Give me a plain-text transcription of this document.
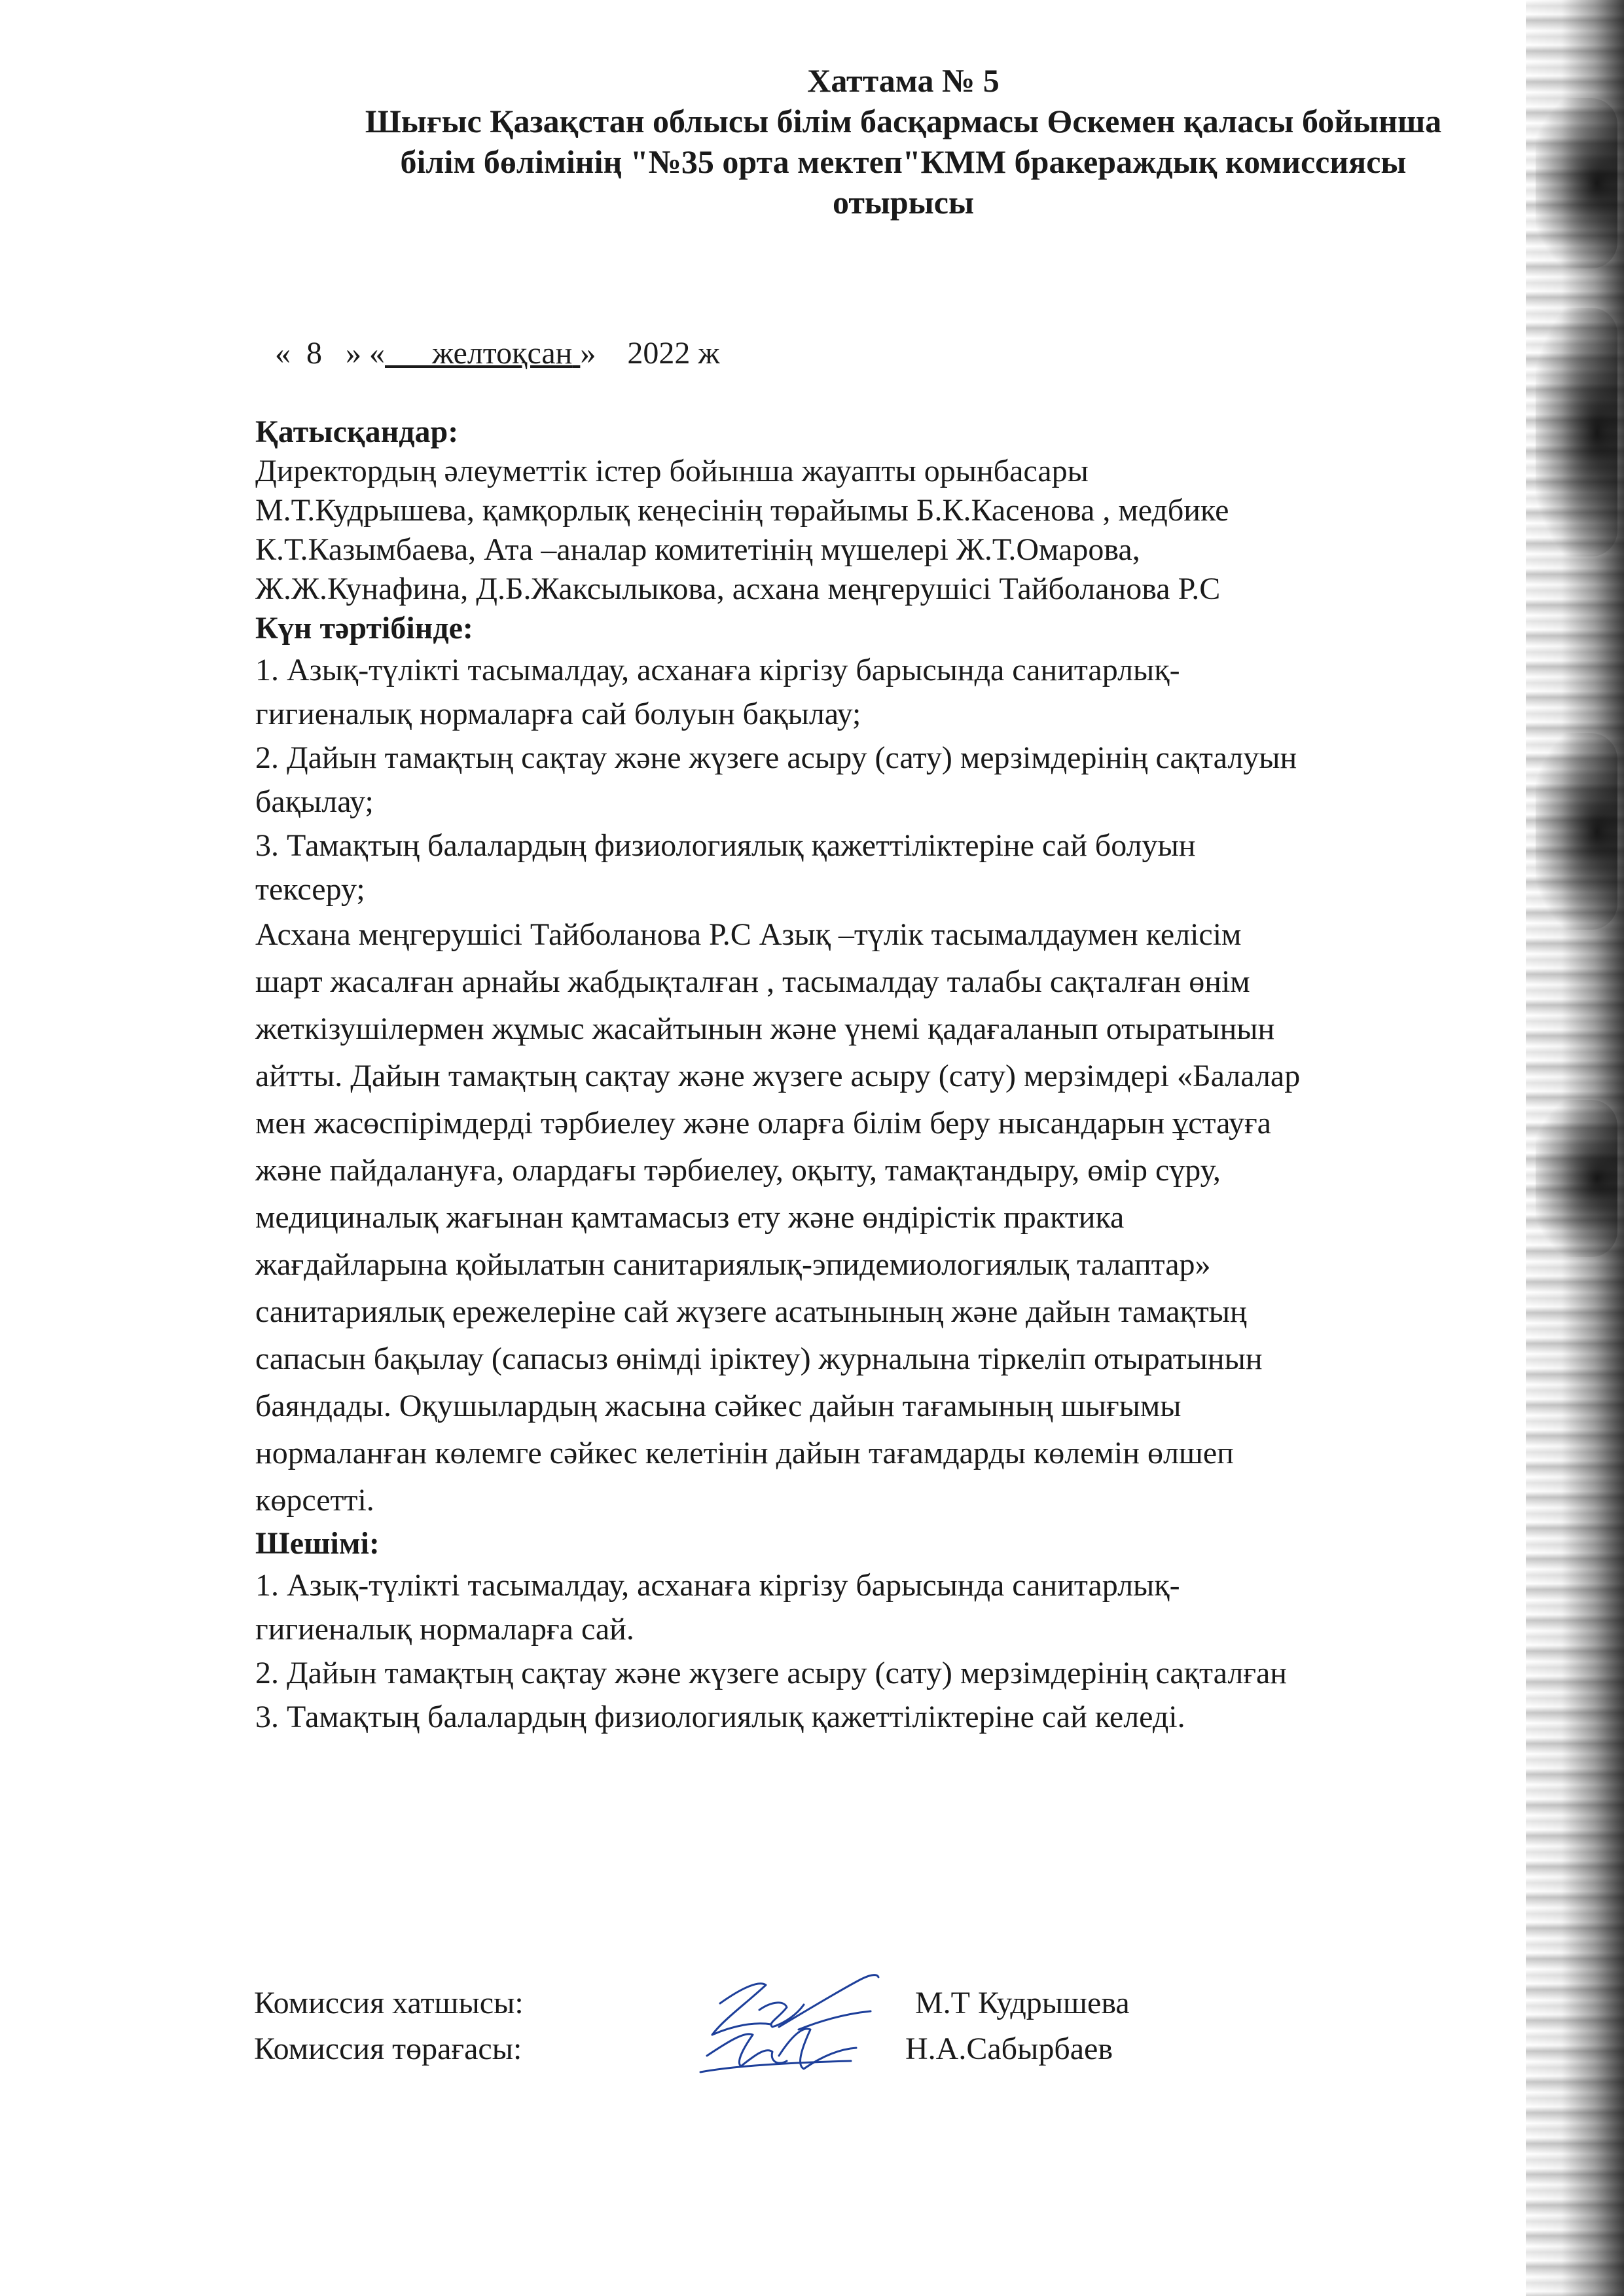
Хаттама № 5
Шығыс Қазақстан облысы білім басқармасы Өскемен қаласы бойынша
білім бөлімінің "№35 орта мектеп"КММ бракераждық комиссиясы
отырысы
« 8 » « желтоқсан » 2022 ж
Қатысқандар:
Директордың әлеуметтік істер бойынша жауапты орынбасары
М.Т.Кудрышева, қамқорлық кеңесінің төрайымы Б.К.Касенова , медбике
К.Т.Казымбаева, Ата –аналар комитетінің мүшелері Ж.Т.Омарова,
Ж.Ж.Кунафина, Д.Б.Жаксылыкова, асхана меңгерушісі Тайболанова Р.С
Күн тәртібінде:
1. Азық-түлікті тасымалдау, асханаға кіргізу барысында санитарлық-
гигиеналық нормаларға сай болуын бақылау;
2. Дайын тамақтың сақтау және жүзеге асыру (сату) мерзімдерінің сақталуын
бақылау;
3. Тамақтың балалардың физиологиялық қажеттіліктеріне сай болуын
тексеру;
Асхана меңгерушісі Тайболанова Р.С Азық –түлік тасымалдаумен келісім
шарт жасалған арнайы жабдықталған , тасымалдау талабы сақталған өнім
жеткізушілермен жұмыс жасайтынын және үнемі қадағаланып отыратынын
айтты. Дайын тамақтың сақтау және жүзеге асыру (сату) мерзімдері «Балалар
мен жасөспірімдерді тәрбиелеу және оларға білім беру нысандарын ұстауға
және пайдалануға, олардағы тәрбиелеу, оқыту, тамақтандыру, өмір сүру,
медициналық жағынан қамтамасыз ету және өндірістік практика
жағдайларына қойылатын санитариялық-эпидемиологиялық талаптар»
санитариялық ережелеріне сай жүзеге асатынының және дайын тамақтың
сапасын бақылау (сапасыз өнімді іріктеу) журналына тіркеліп отыратынын
баяндады. Оқушылардың жасына сәйкес дайын тағамының шығымы
нормаланған көлемге сәйкес келетінін дайын тағамдарды көлемін өлшеп
көрсетті.
Шешімі:
1. Азық-түлікті тасымалдау, асханаға кіргізу барысында санитарлық-
гигиеналық нормаларға сай.
2. Дайын тамақтың сақтау және жүзеге асыру (сату) мерзімдерінің сақталған
3. Тамақтың балалардың физиологиялық қажеттіліктеріне сай келеді.
Комиссия хатшысы:	М.Т Кудрышева
Комиссия төрағасы:	Н.А.Сабырбаев
